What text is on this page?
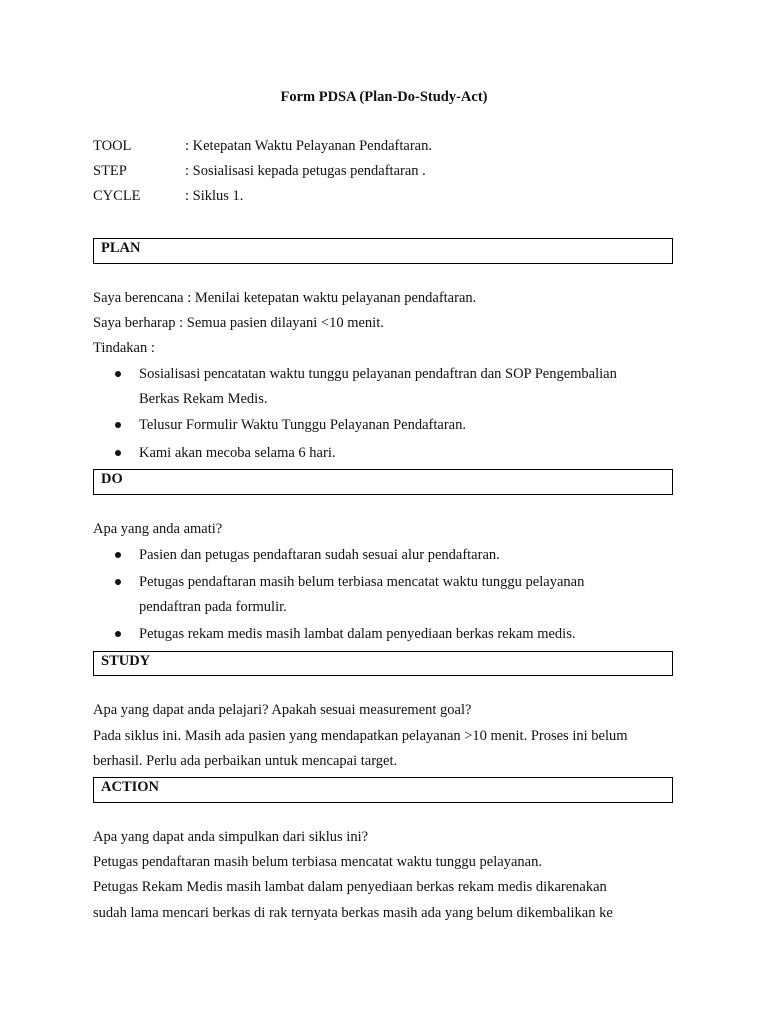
Form PDSA (Plan-Do-Study-Act)
TOOL	: Ketepatan Waktu Pelayanan Pendaftaran.
STEP	: Sosialisasi kepada petugas pendaftaran .
CYCLE	: Siklus 1.
PLAN
Saya berencana : Menilai ketepatan waktu pelayanan pendaftaran.
Saya berharap : Semua pasien dilayani <10 menit.
Tindakan :
Sosialisasi pencatatan waktu tunggu pelayanan pendaftran dan SOP Pengembalian
Berkas Rekam Medis.
Telusur Formulir Waktu Tunggu Pelayanan Pendaftaran.
Kami akan mecoba selama 6 hari.
DO
Apa yang anda amati?
Pasien dan petugas pendaftaran sudah sesuai alur pendaftaran.
Petugas pendaftaran masih belum terbiasa mencatat waktu tunggu pelayanan
pendaftran pada formulir.
Petugas rekam medis masih lambat dalam penyediaan berkas rekam medis.
STUDY
Apa yang dapat anda pelajari? Apakah sesuai measurement goal?
Pada siklus ini. Masih ada pasien yang mendapatkan pelayanan >10 menit. Proses ini belum
berhasil. Perlu ada perbaikan untuk mencapai target.
ACTION
Apa yang dapat anda simpulkan dari siklus ini?
Petugas pendaftaran masih belum terbiasa mencatat waktu tunggu pelayanan.
Petugas Rekam Medis masih lambat dalam penyediaan berkas rekam medis dikarenakan
sudah lama mencari berkas di rak ternyata berkas masih ada yang belum dikembalikan ke
